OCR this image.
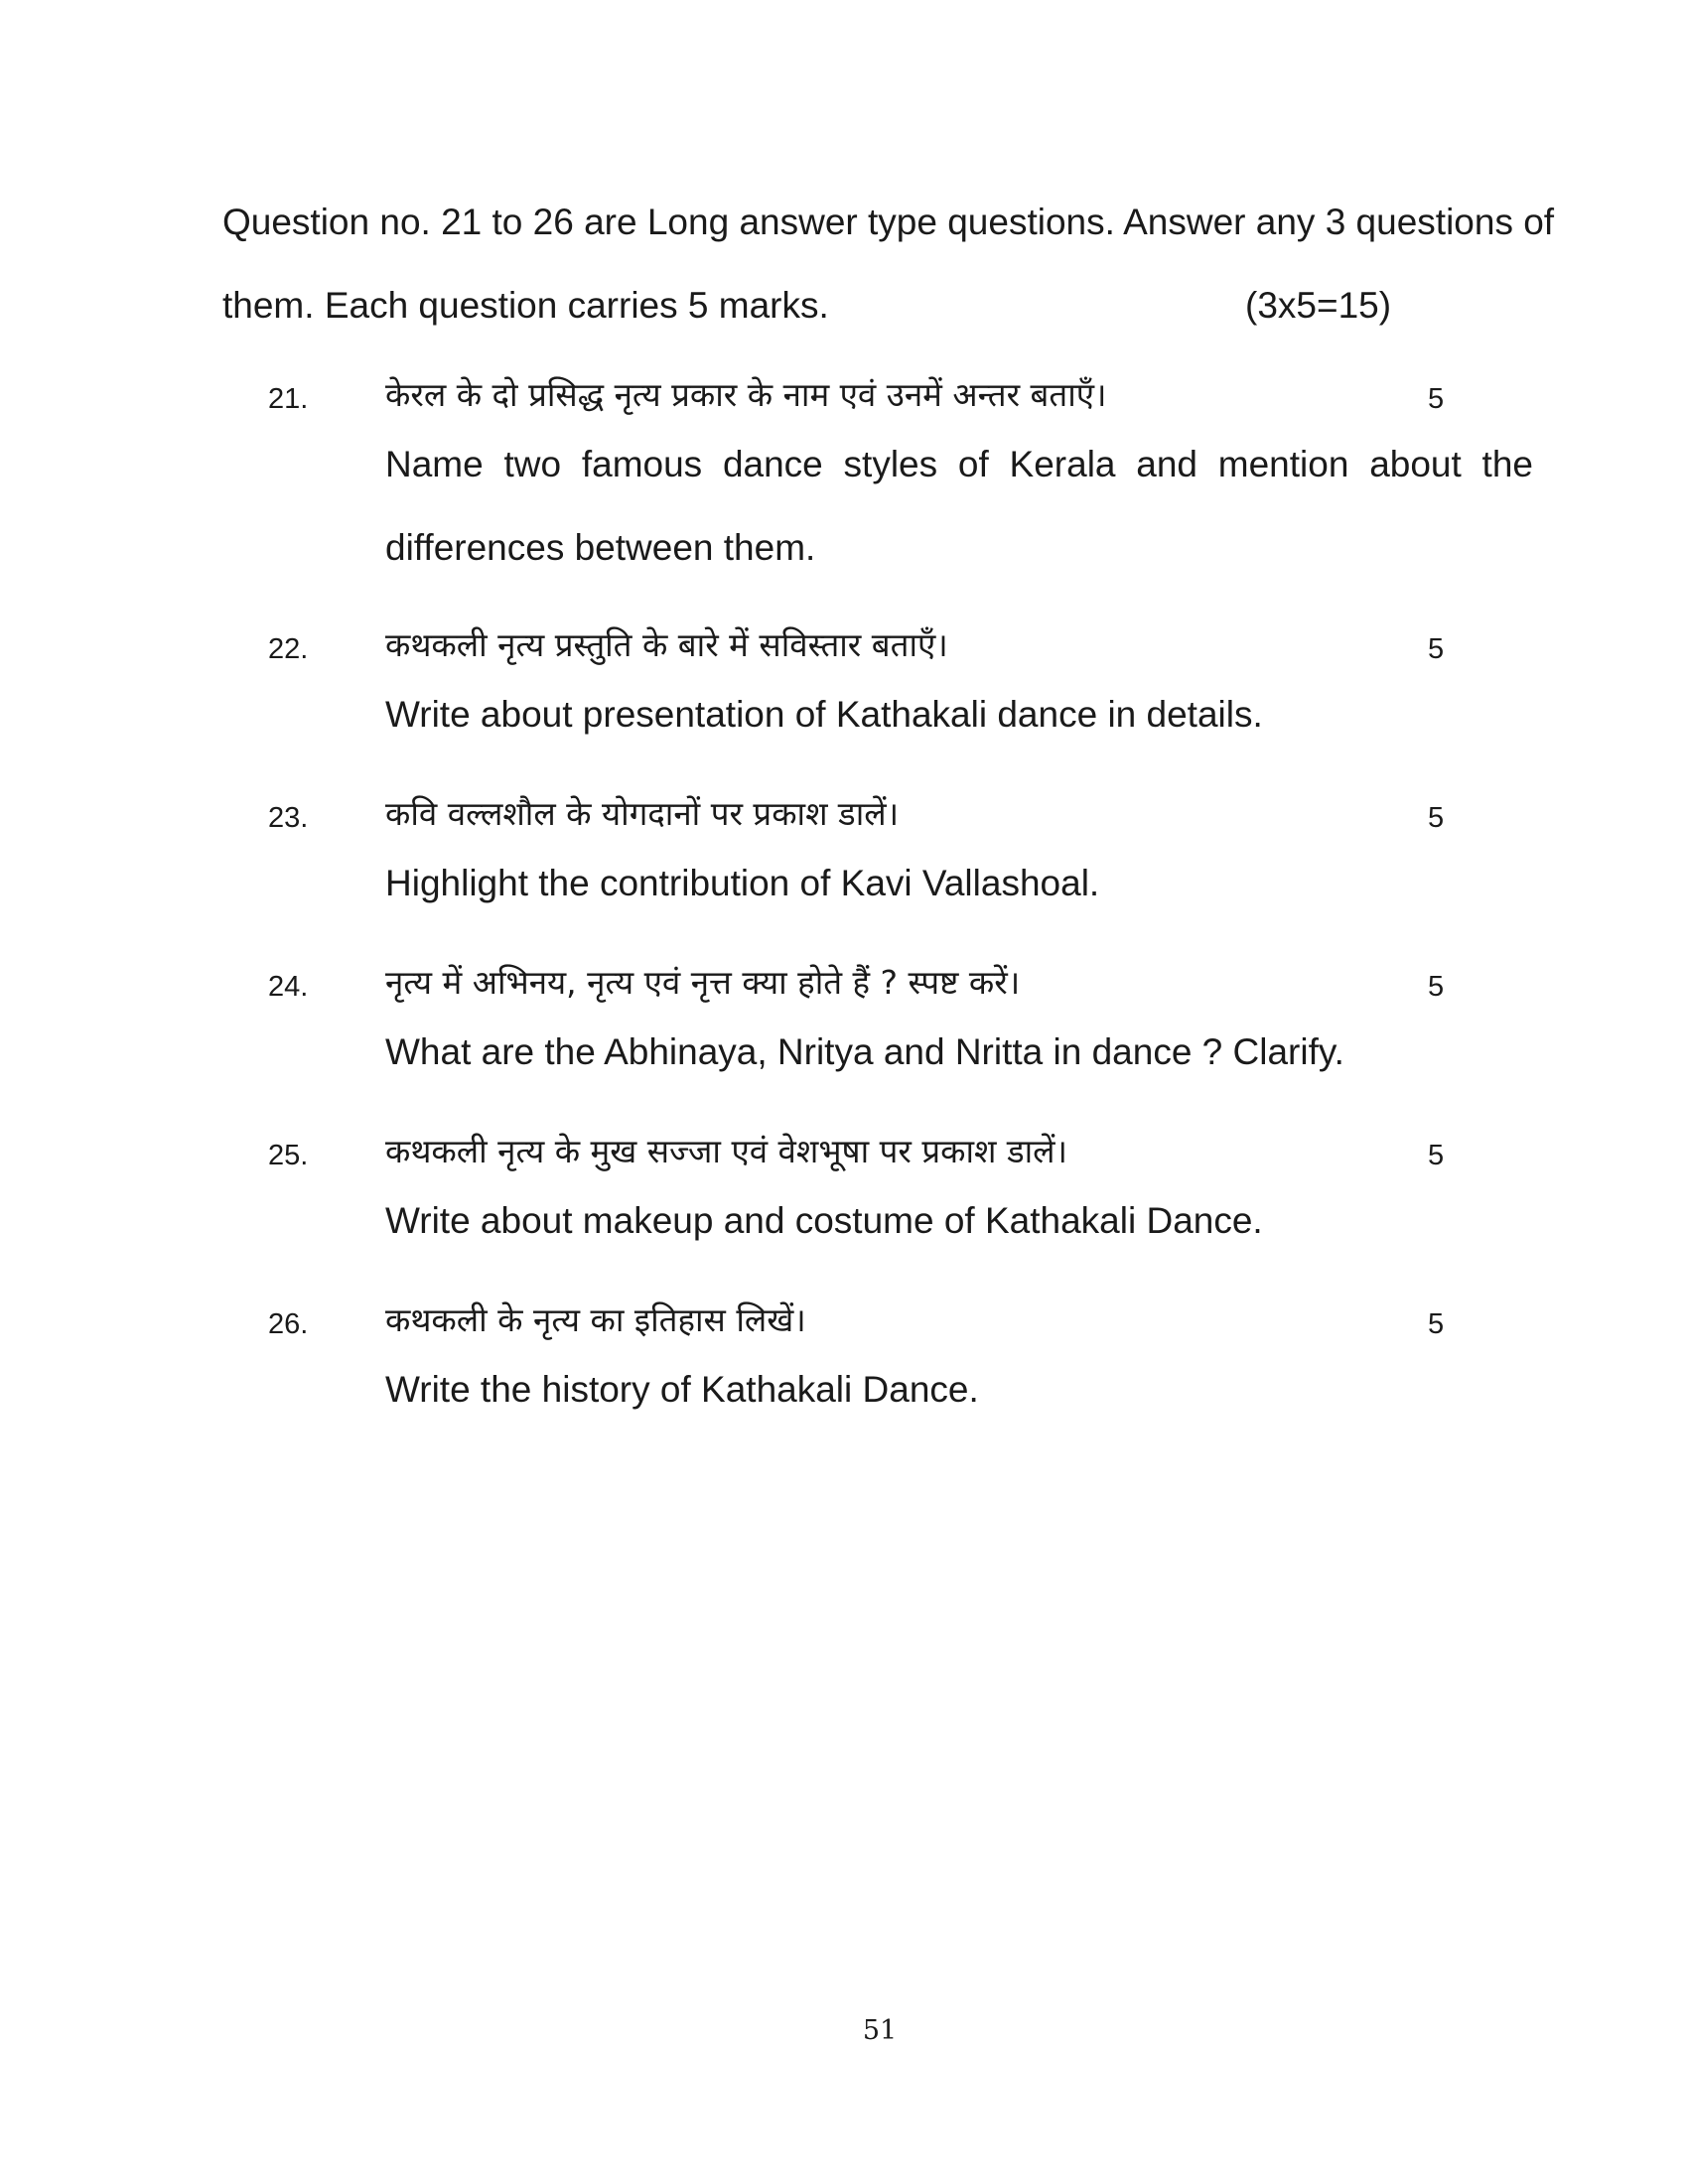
Question no. 21 to 26 are Long answer type questions. Answer any 3 questions of
them. Each question carries 5 marks.	(3x5=15)
21. केरल के दो प्रसिद्ध नृत्य प्रकार के नाम एवं उनमें अन्तर बताएँ।	5
Name two famous dance styles of Kerala and mention about the differences between them.
22. कथकली नृत्य प्रस्तुति के बारे में सविस्तार बताएँ।	5
Write about presentation of Kathakali dance in details.
23. कवि वल्लशौल के योगदानों पर प्रकाश डालें।	5
Highlight the contribution of Kavi Vallashoal.
24. नृत्य में अभिनय, नृत्य एवं नृत्त क्या होते हैं ? स्पष्ट करें।	5
What are the Abhinaya, Nritya and Nritta in dance ? Clarify.
25. कथकली नृत्य के मुख सज्जा एवं वेशभूषा पर प्रकाश डालें।	5
Write about makeup and costume of Kathakali Dance.
26. कथकली के नृत्य का इतिहास लिखें।	5
Write the history of Kathakali Dance.
51
